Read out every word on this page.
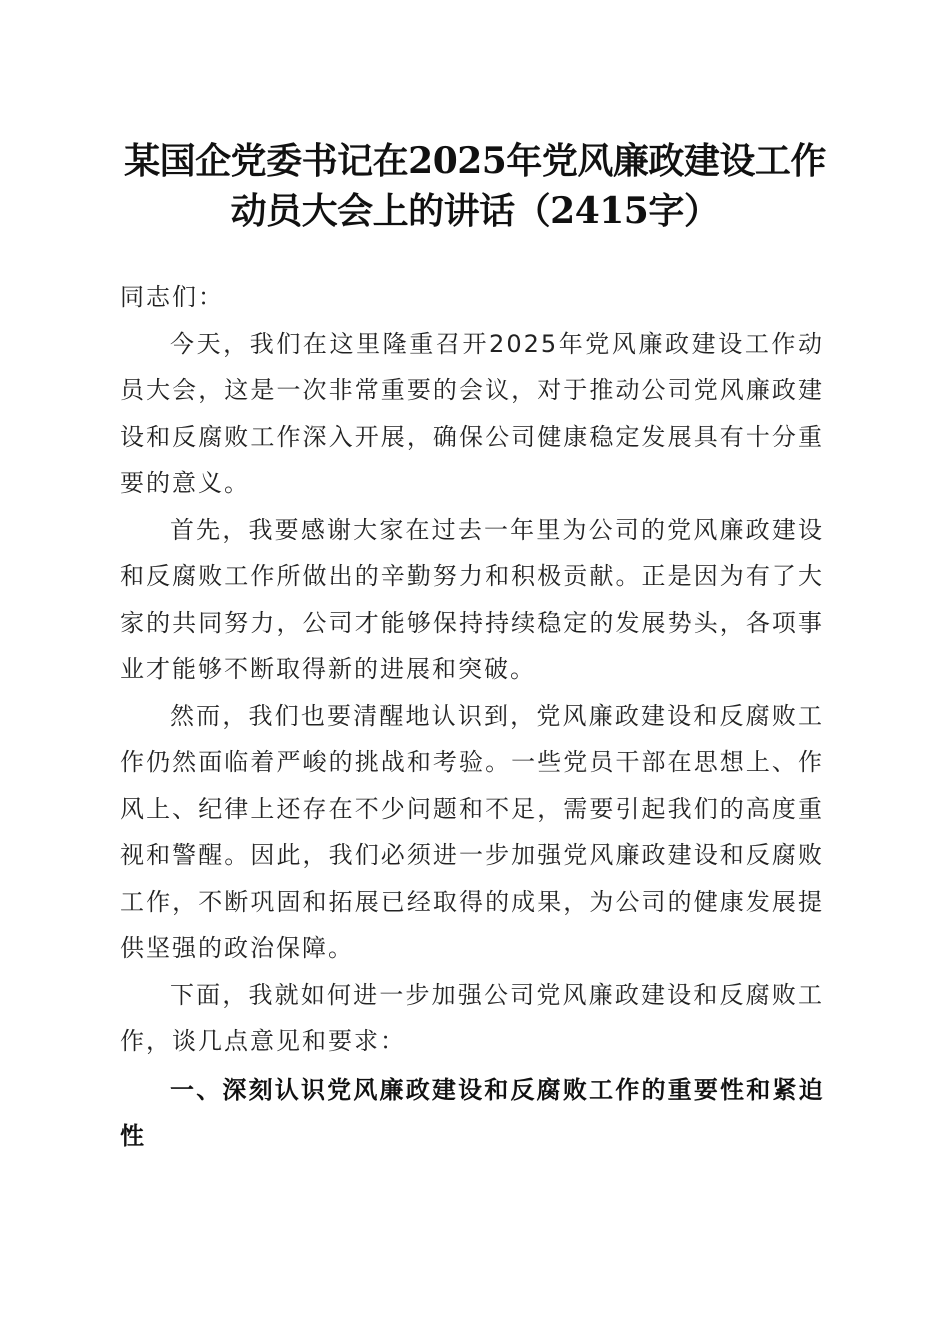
某国企党委书记在2025年党风廉政建设工作
动员大会上的讲话（2415字）

同志们：

今天，我们在这里隆重召开2025年党风廉政建设工作动员大会，这是一次非常重要的会议，对于推动公司党风廉政建设和反腐败工作深入开展，确保公司健康稳定发展具有十分重要的意义。

首先，我要感谢大家在过去一年里为公司的党风廉政建设和反腐败工作所做出的辛勤努力和积极贡献。正是因为有了大家的共同努力，公司才能够保持持续稳定的发展势头，各项事业才能够不断取得新的进展和突破。

然而，我们也要清醒地认识到，党风廉政建设和反腐败工作仍然面临着严峻的挑战和考验。一些党员干部在思想上、作风上、纪律上还存在不少问题和不足，需要引起我们的高度重视和警醒。因此，我们必须进一步加强党风廉政建设和反腐败工作，不断巩固和拓展已经取得的成果，为公司的健康发展提供坚强的政治保障。

下面，我就如何进一步加强公司党风廉政建设和反腐败工作，谈几点意见和要求：

一、深刻认识党风廉政建设和反腐败工作的重要性和紧迫性
